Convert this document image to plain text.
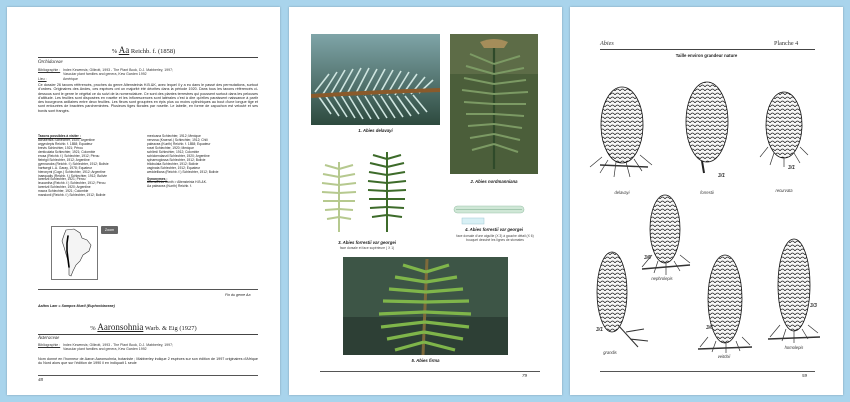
% Aa Reichb. f. (1858)
Orchidaceae
Bibliographie : Index Kewensis; Gilleott, 1993 - The Plant Book, D.J. Mabberley, 1997; Vascular plant families and genera, Kew Garden 1992
Lieu :	Amérique
Ce dossier 26 taxons référencés, proches du genre Altensteinia H.B.&K, avec lequel il y a eu dans le passé des permutations, surtout d'ordres. Originaires des Andes, ces espèces ont un majorité été décrites dans la période 1920. Dans tous les taxons référencés ci-dessous sont le genre le végétal ce du suivi de la nomenclature. Ce sont des plantes terrestres qui poussent surtout dans les pelouses d'altitude. Les feuilles sont disposées en rosette et les inflorescences sont latérales c'est à dire qu'elles paraissent naissance à partir des bourgeons axillaires entre deux feuilles. Les fleurs sont groupées en épis plus ou moins cylindriques au bout d'une longue tige et sont entourées de bractées parcheminées. Plusieurs tiges florales par rosette. Le labelle, en forme de capuchon est velouté et ses bords sont frangés.
Taxons possibles à visiter :
achalensis Schlechter, 1920; Argentine
argyrolepis Reichb. f. 1858; Equateur
brevis Schlechter, 1921; Pérou
denticulata Schlechter, 1921; Colombie
erosa (Reichb. f.) Schlechter, 1912; Pérou
fiebrigii Schlechter, 1912; Argentine
gymnandra (Reichb. f.) Schlechter, 1912; Bolivie
hartwegii L.A. Garay, 1978; Equateur
hieronymi (Cogn.) Schlechter, 1912; Argentine
inaequalis (Reichb. f.) Schlechter, 1912; Bolivie
lorentzii Schlechter, 1921; Pérou
leucantha (Reichb. f.) Schlechter, 1912; Pérou
lorentzii Schlechter, 1920; Argentine
macra Schlechter, 1921; Colombie
mandonii (Reichb. f.) Schlechter, 1912; Bolivie
mexicana Schlechter, 1912; Mexique
nervosa (Kraenzl.) Schlechter, 1912; Chili
paleacea (Kunth) Reichb. f. 1858; Equateur
rosei Schlechter, 1920; Mexique
schlimii Schlechter, 1912; Colombie
schickendanzii Schlechter, 1920; Argentine
sphaeroglossa Schlechter, 1912; Bolivie
trilobulata Schlechter, 1912; Bolivie
vaginata Schlechter, 1912; Equateur
weddelliana (Reichb. f.) Schlechter, 1912; Bolivie
Synonymes :
Altensteinia Kunth > Altensteinia H.B.&K.
Aa paleacea (Kunth) Reichb. f.
Zoom
Aaltos Lam = Sampos Mueil (Euphorbiaceae)
Fin du genre Aa
% Aaronsohnia Warb. & Eig (1927)
Asteraceae
Bibliographie : Index Kewensis; Gilleott, 1993 - The Plant Book, D.J. Mabberley, 1997; Vascular plant families and genera, Kew Garden 1992
Nom donné en l'honneur de Aaron Aaronsohnia, botaniste ; Mabberley indique 2 espèces sur son édition de 1997 originaires d'Afrique du Nord alors que sur l'édition de 1990 il en indiquait 1 seule
48
1. Abies delavayi
2. Abies nordmanniana
3. Abies forrestii var georgei
face dorsale et face supérieure ( X 1)
4. Abies forrestii var georgei
face dorsale d'une aiguille (X 3) à gauche détail (X 6) bouquet dessiné les lignes de stomates
5. Abies firma
79
Abies	Planche 4
Taille environ grandeur nature
delavayi	forrestii
3/1
recurvata
3/1
nephrolepis
3/6
grandis
3/1
veitchii
3/6
homolepis
3/3
59
